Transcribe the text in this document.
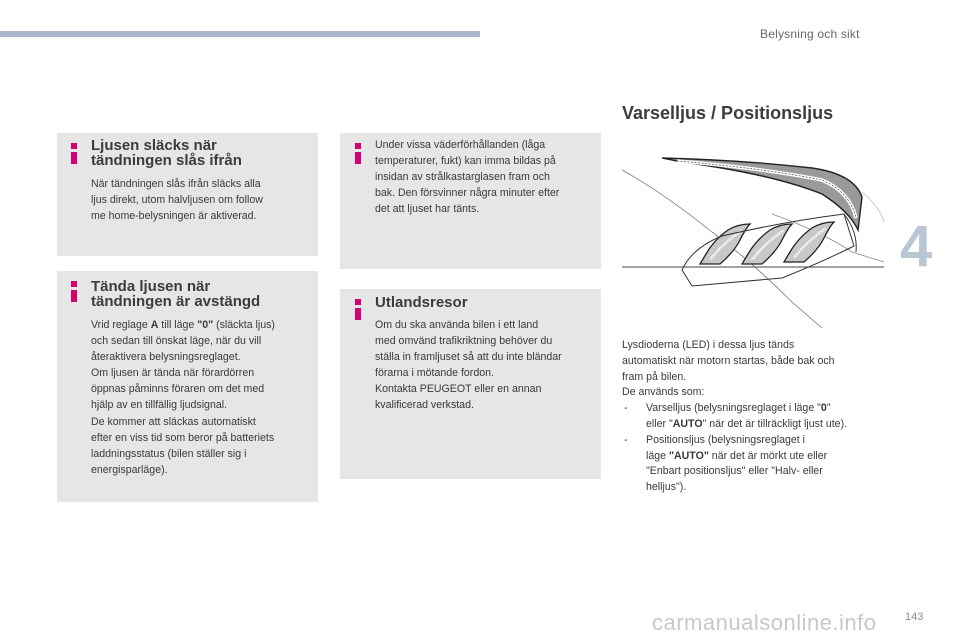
Belysning och sikt
4
Ljusen släcks när
tändningen slås ifrån

När tändningen slås ifrån släcks alla

ljus direkt, utom halvljusen om follow

me home-belysningen är aktiverad.

Tända ljusen när
tändningen är avstängd

Vrid reglage A till läge "0" (släckta ljus)

och sedan till önskat läge, när du vill

återaktivera belysningsreglaget.

Om ljusen är tända när förardörren

öppnas påminns föraren om det med

hjälp av en tillfällig ljudsignal.

De kommer att släckas automatiskt

efter en viss tid som beror på batteriets

laddningsstatus (bilen ställer sig i

energisparläge).

Under vissa väderförhållanden (låga

temperaturer, fukt) kan imma bildas på

insidan av strålkastarglasen fram och

bak. Den försvinner några minuter efter

det att ljuset har tänts.

Utlandsresor

Om du ska använda bilen i ett land

med omvänd trafikriktning behöver du

ställa in framljuset så att du inte bländar

förarna i mötande fordon.

Kontakta PEUGEOT eller en annan

kvalificerad verkstad.

Varselljus / Positionsljus

Lysdioderna (LED) i dessa ljus tänds

automatiskt när motorn startas, både bak och

fram på bilen.

De används som:

- Varselljus (belysningsreglaget i läge "0"
eller "AUTO" när det är tillräckligt ljust ute).
- Positionsljus (belysningsreglaget i
läge "AUTO" när det är mörkt ute eller
"Enbart positionsljus" eller "Halv- eller
helljus").
carmanualsonline.info	143
